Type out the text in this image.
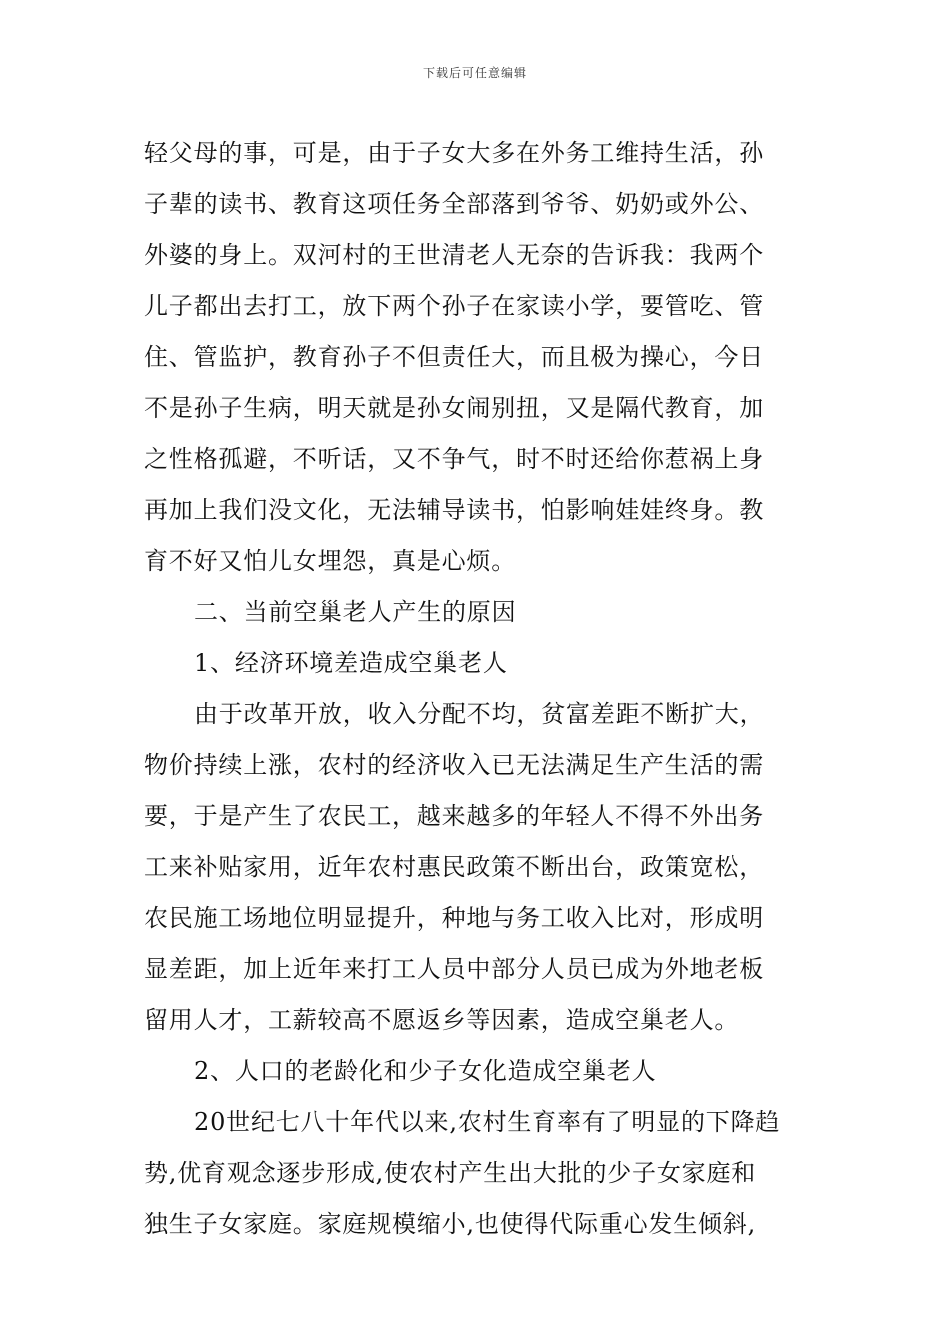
下载后可任意编辑
轻父母的事，可是，由于子女大多在外务工维持生活，孙
子辈的读书、教育这项任务全部落到爷爷、奶奶或外公、
外婆的身上。双河村的王世清老人无奈的告诉我：我两个
儿子都出去打工，放下两个孙子在家读小学，要管吃、管
住、管监护，教育孙子不但责任大，而且极为操心，今日
不是孙子生病，明天就是孙女闹别扭，又是隔代教育，加
之性格孤避，不听话，又不争气，时不时还给你惹祸上身
再加上我们没文化，无法辅导读书，怕影响娃娃终身。教
育不好又怕儿女埋怨，真是心烦。
二、当前空巢老人产生的原因
1、经济环境差造成空巢老人
由于改革开放，收入分配不均，贫富差距不断扩大，
物价持续上涨，农村的经济收入已无法满足生产生活的需
要，于是产生了农民工，越来越多的年轻人不得不外出务
工来补贴家用，近年农村惠民政策不断出台，政策宽松，
农民施工场地位明显提升，种地与务工收入比对，形成明
显差距，加上近年来打工人员中部分人员已成为外地老板
留用人才，工薪较高不愿返乡等因素，造成空巢老人。
2、人口的老龄化和少子女化造成空巢老人
20世纪七八十年代以来,农村生育率有了明显的下降趋
势,优育观念逐步形成,使农村产生出大批的少子女家庭和
独生子女家庭。家庭规模缩小,也使得代际重心发生倾斜,
